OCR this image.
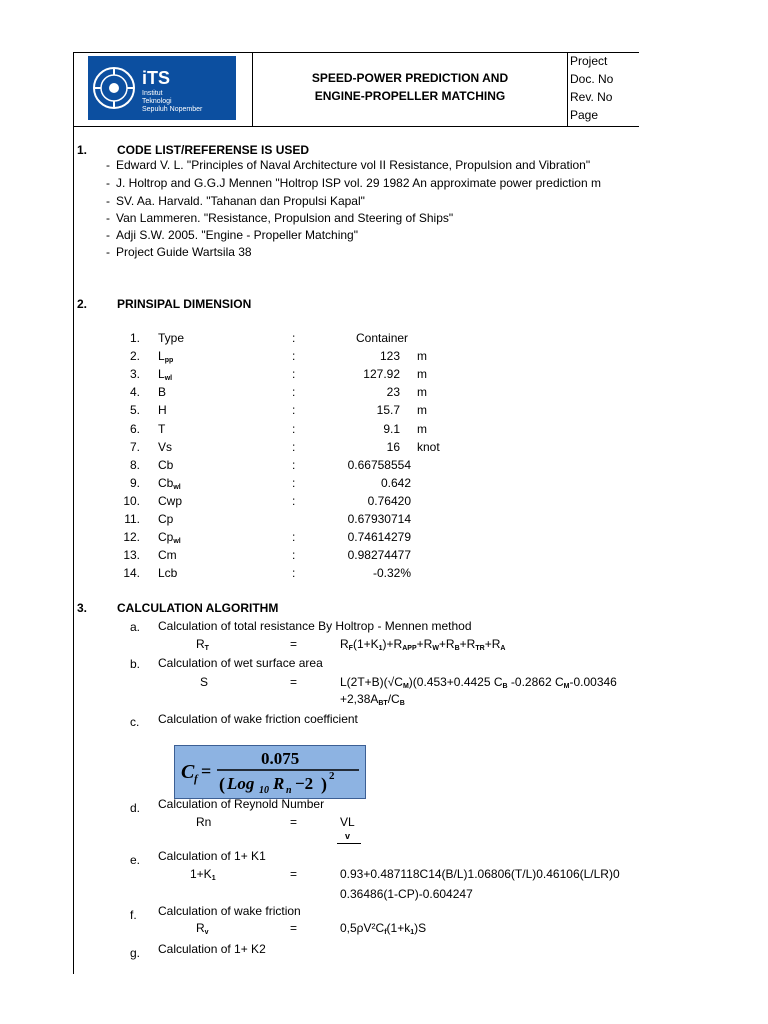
iTS
Institut
Teknologi
Sepuluh Nopember
SPEED-POWER PREDICTION AND
ENGINE-PROPELLER MATCHING
Project
Doc. No
Rev. No
Page
1. CODE LIST/REFERENSE IS USED
- Edward V. L. "Principles of Naval Architecture vol II Resistance, Propulsion and Vibration"
- J. Holtrop and G.G.J Mennen "Holtrop ISP vol. 29 1982 An approximate power prediction m
- SV. Aa. Harvald. "Tahanan dan Propulsi Kapal"
- Van Lammeren. "Resistance, Propulsion and Steering of Ships"
- Adji S.W. 2005. "Engine - Propeller Matching"
- Project Guide Wartsila 38
2. PRINSIPAL DIMENSION
1. Type	:	Container
2. $L_{pp}$	:	123 m
3. $L_{wl}$	:	127.92 m
4. B	:	23 m
5. H	:	15.7 m
6. T	:	9.1 m
7. Vs	:	16 knot
8. Cb	:	0.66758554
9. $Cb_{wl}$	:	0.642
10. Cwp	:	0.76420
11. Cp	0.67930714
12. $Cp_{wl}$	:	0.74614279
13. Cm	:	0.98274477
14. Lcb	:	-0.32%
3. CALCULATION ALGORITHM
a. Calculation of total resistance By Holtrop - Mennen method
$R_T$	=	$R_F(1+K_1)+R_{APP}+R_W+R_B+R_{TR}+R_A$
b. Calculation of wet surface area
S	=	$L(2T+B)(√C_M)(0.453+0.4425$ $C_B$ -0.2862 $C_M-0.00346$
$+2,38A_{BT}/C_B$
c. Calculation of wake friction coefficient
C f =
0.075
( Log 10 R n −2 ) 2
d. Calculation of Reynold Number
Rn	=	VL
v
e. Calculation of 1+ K1
$1+K_1$	=	0.93+0.487118C14(B/L)1.06806(T/L)0.46106(L/LR)0
0.36486(1-CP)-0.604247
f. Calculation of wake friction
$R_v$	=	$0,5\rho V^2C_f(1+k_1)S$
g. Calculation of 1+ K2
